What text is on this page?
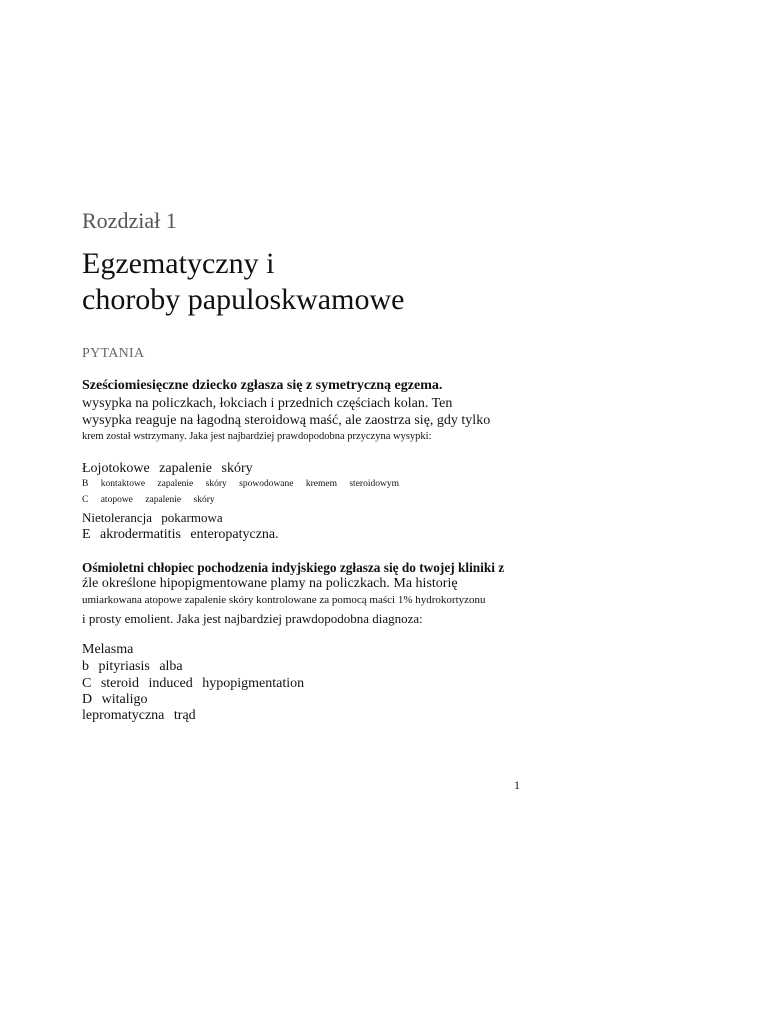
Rozdział 1
Egzematyczny i
choroby papuloskwamowe
PYTANIA
Sześciomiesięczne dziecko zgłasza się z symetryczną egzema.
wysypka na policzkach, łokciach i przednich częściach kolan. Ten
wysypka reaguje na łagodną steroidową maść, ale zaostrza się, gdy tylko
krem został wstrzymany. Jaka jest najbardziej prawdopodobna przyczyna wysypki:
Łojotokowe zapalenie skóry
B kontaktowe zapalenie skóry spowodowane kremem steroidowym
C atopowe zapalenie skóry
Nietolerancja pokarmowa
E akrodermatitis enteropatyczna.
Ośmioletni chłopiec pochodzenia indyjskiego zgłasza się do twojej kliniki z
źle określone hipopigmentowane plamy na policzkach. Ma historię
umiarkowana atopowe zapalenie skóry kontrolowane za pomocą maści 1% hydrokortyzonu
i prosty emolient. Jaka jest najbardziej prawdopodobna diagnoza:
Melasma
b pityriasis alba
C steroid induced hypopigmentation
D witaligo
lepromatyczna trąd
1
